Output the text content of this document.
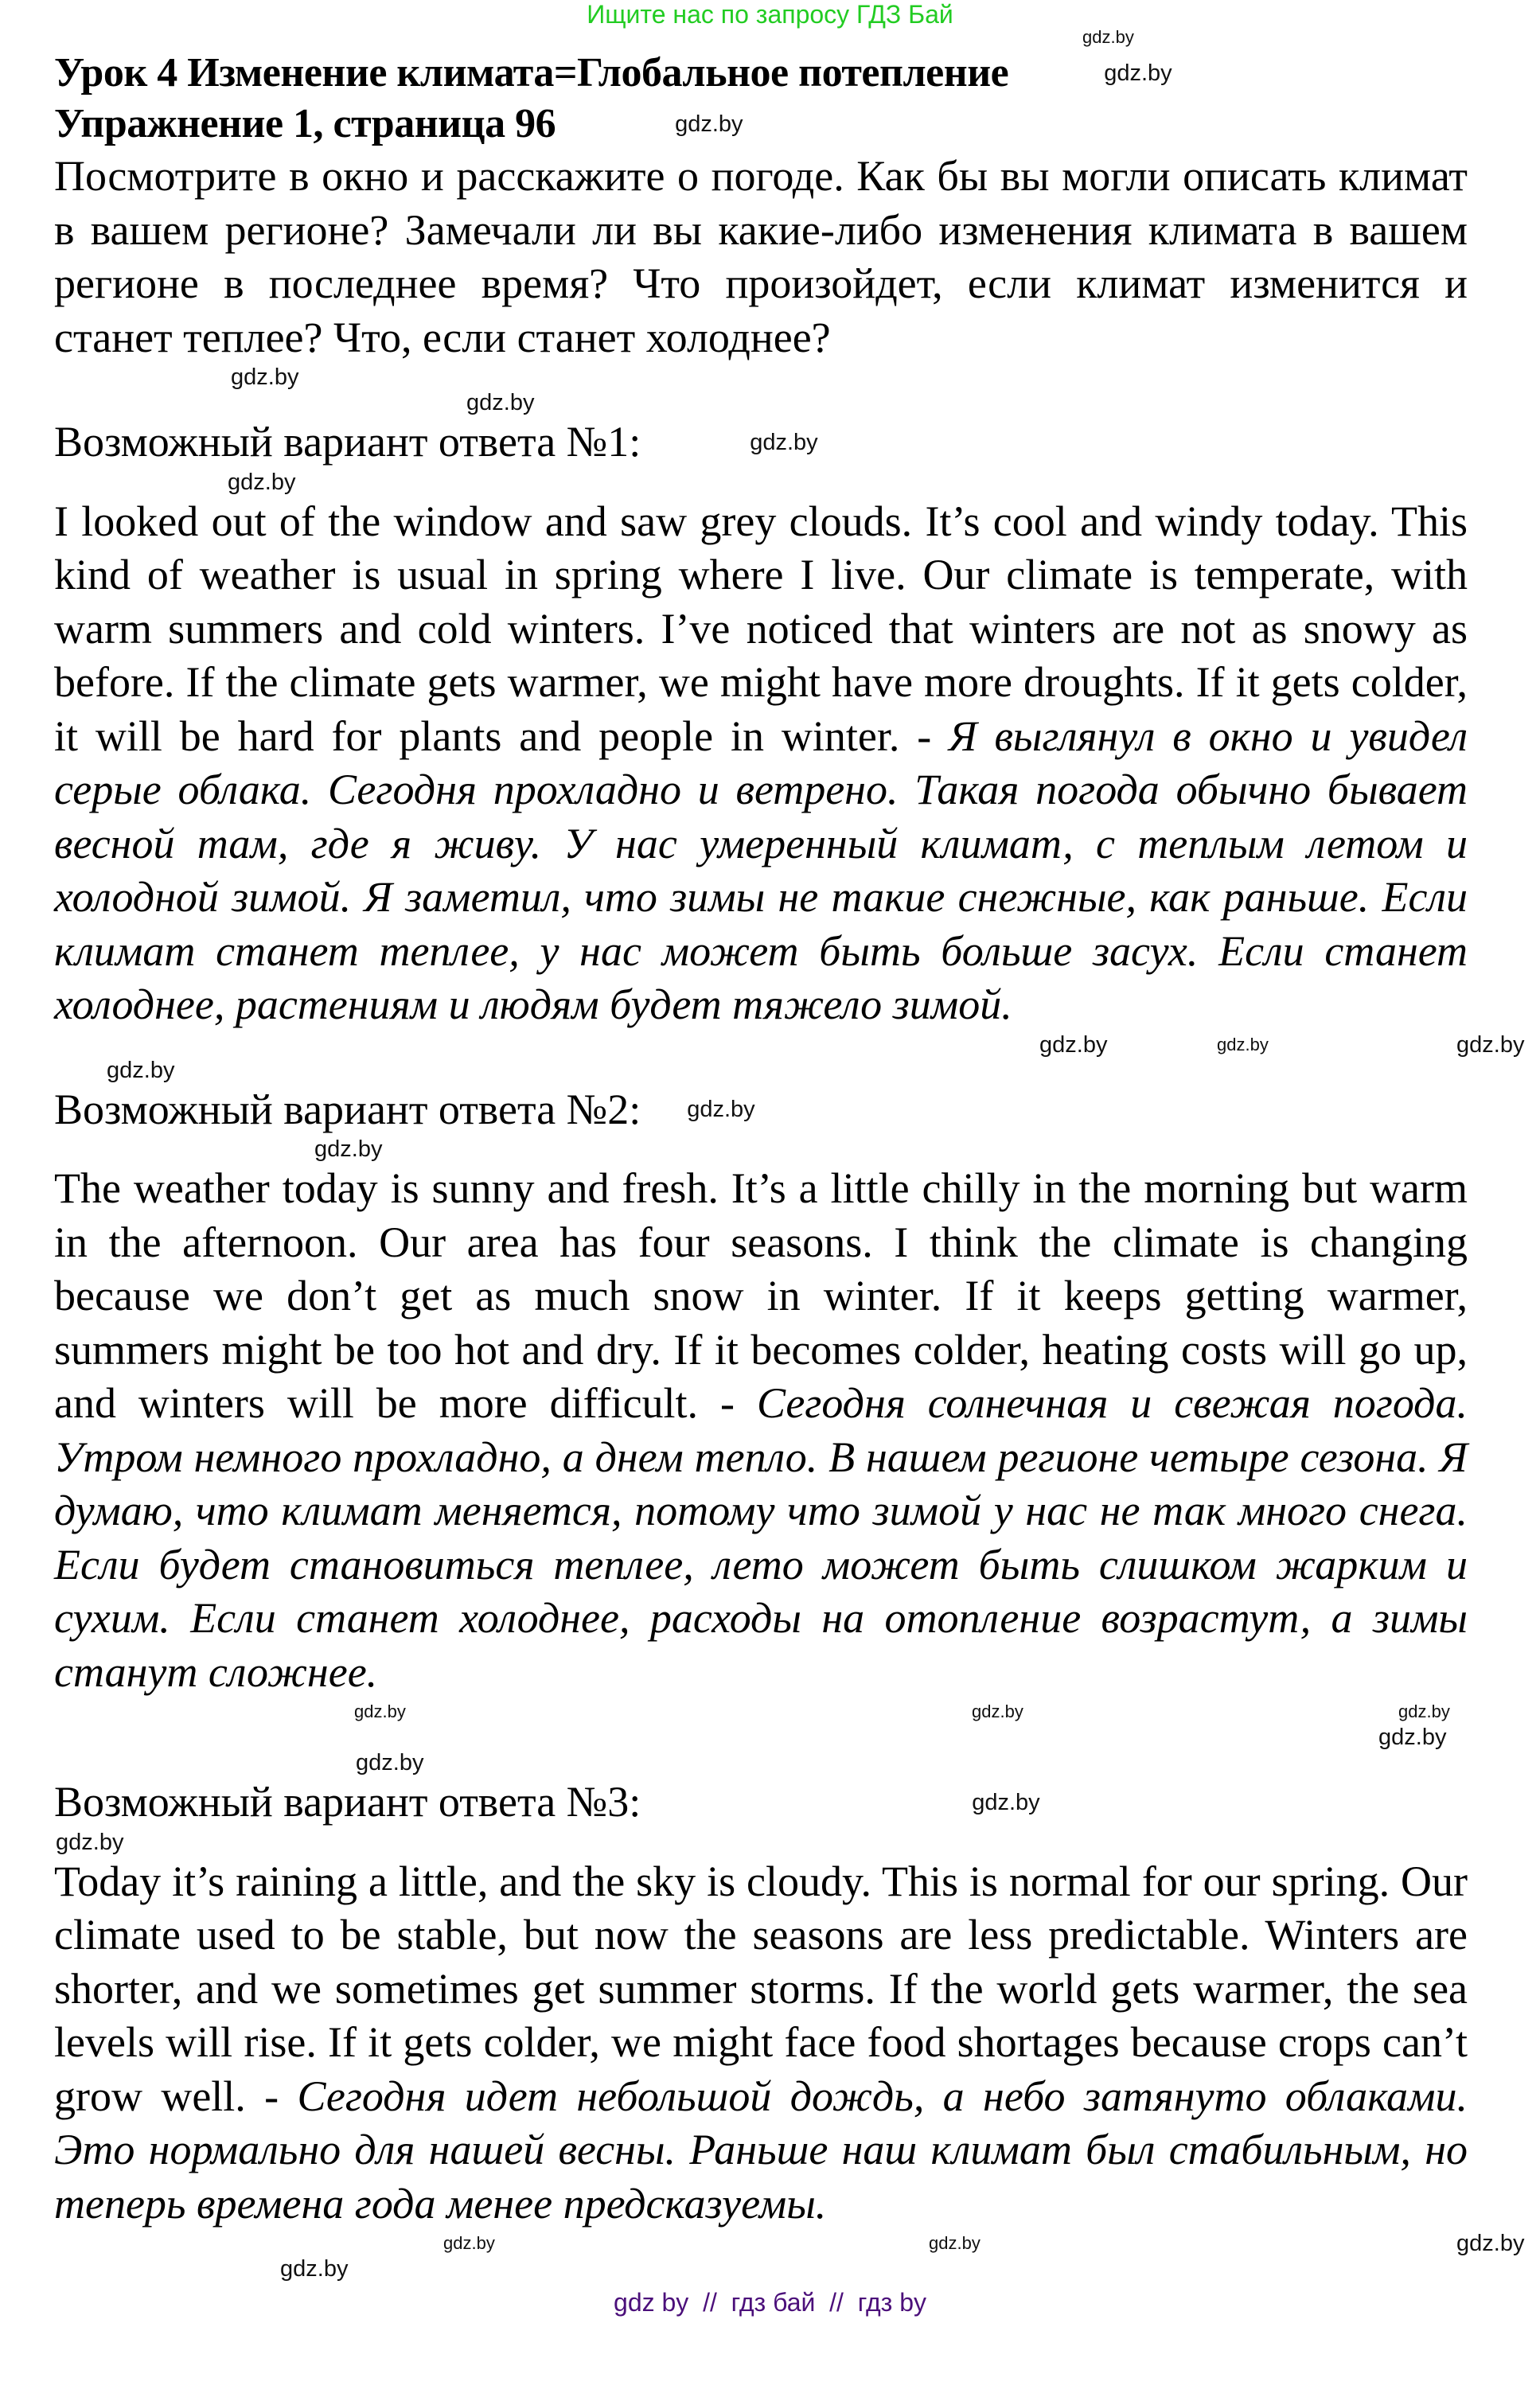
Ищите нас по запросу ГДЗ Бай
gdz.by
Урок 4 Изменение климата=Глобальное потепление	gdz.by
Упражнение 1, страница 96	gdz.by
Посмотрите в окно и расскажите о погоде. Как бы вы могли описать климат в вашем регионе? Замечали ли вы какие-либо изменения климата в вашем регионе в последнее время? Что произойдет, если климат изменится и станет теплее? Что, если станет холоднее?
gdz.by
gdz.by
Возможный вариант ответа №1:	gdz.by
gdz.by
I looked out of the window and saw grey clouds. It’s cool and windy today. This kind of weather is usual in spring where I live. Our climate is temperate, with warm summers and cold winters. I’ve noticed that winters are not as snowy as before. If the climate gets warmer, we might have more droughts. If it gets colder, it will be hard for plants and people in winter. - Я выглянул в окно и увидел серые облака. Сегодня прохладно и ветрено. Такая погода обычно бывает весной там, где я живу. У нас умеренный климат, с теплым летом и холодной зимой. Я заметил, что зимы не такие снежные, как раньше. Если климат станет теплее, у нас может быть больше засух. Если станет холоднее, растениям и людям будет тяжело зимой.
gdz.by
gdz.by
gdz.by
gdz.by
Возможный вариант ответа №2: gdz.by
gdz.by
The weather today is sunny and fresh. It’s a little chilly in the morning but warm in the afternoon. Our area has four seasons. I think the climate is changing because we don’t get as much snow in winter. If it keeps getting warmer, summers might be too hot and dry. If it becomes colder, heating costs will go up, and winters will be more difficult. - Сегодня солнечная и свежая погода. Утром немного прохладно, а днем тепло. В нашем регионе четыре сезона. Я думаю, что климат меняется, потому что зимой у нас не так много снега. Если будет становиться теплее, лето может быть слишком жарким и сухим. Если станет холоднее, расходы на отопление возрастут, а зимы станут сложнее.
gdz.by	gdz.by	gdz.by
gdz.by
gdz.by
Возможный вариант ответа №3:	gdz.by
gdz.by
Today it’s raining a little, and the sky is cloudy. This is normal for our spring. Our climate used to be stable, but now the seasons are less predictable. Winters are shorter, and we sometimes get summer storms. If the world gets warmer, the sea levels will rise. If it gets colder, we might face food shortages because crops can’t grow well. - Сегодня идет небольшой дождь, а небо затянуто облаками. Это нормально для нашей весны. Раньше наш климат был стабильным, но теперь времена года менее предсказуемы.
gdz.by	gdz.by	gdz.by
gdz.by
gdz by  //  гдз бай  //  гдз by
